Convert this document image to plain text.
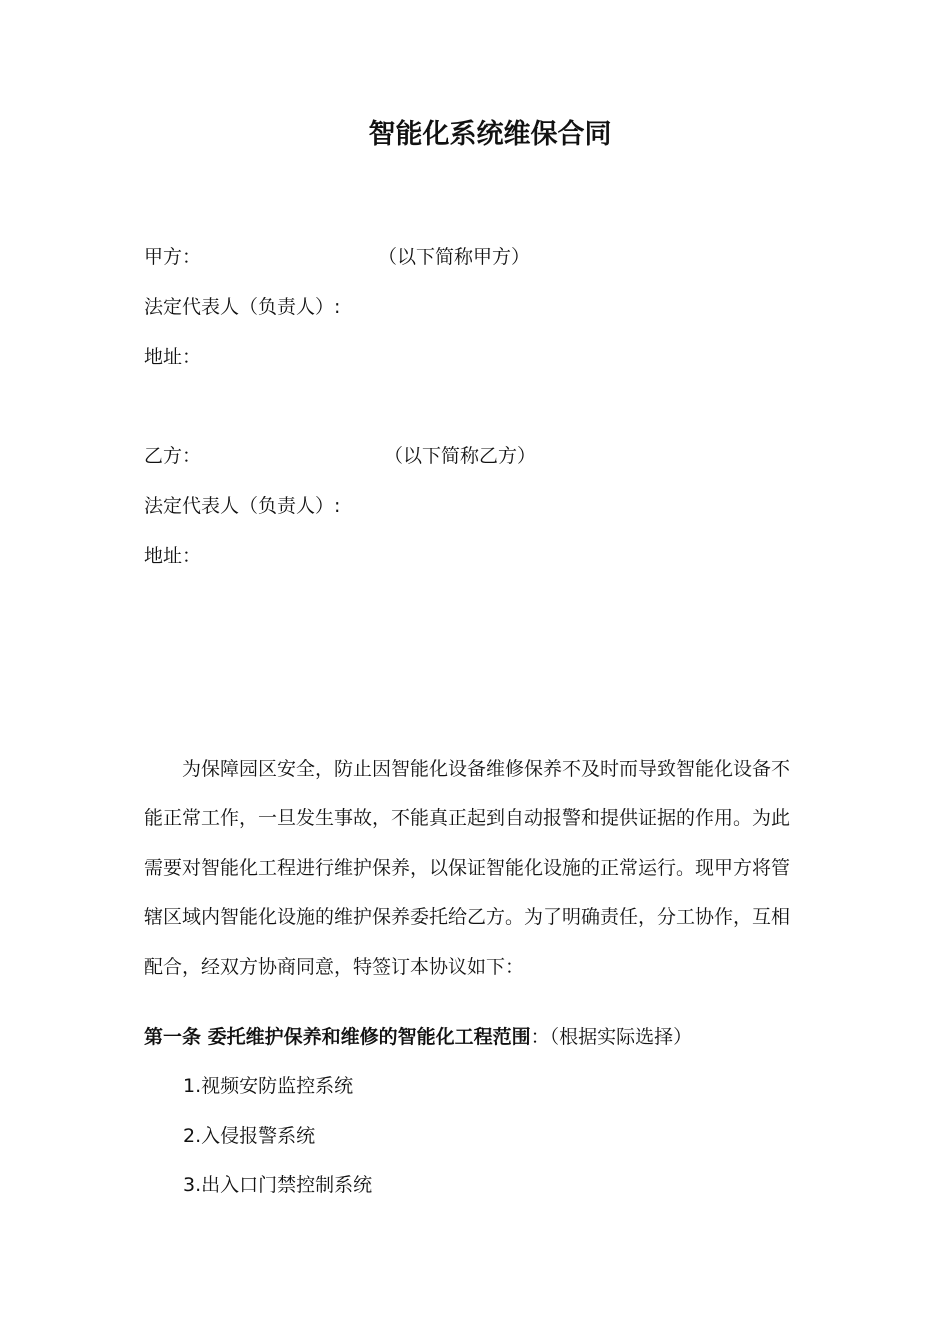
智能化系统维保合同
甲方：	（以下简称甲方）
法定代表人（负责人）:
地址：
乙方：	（以下简称乙方）
法定代表人（负责人）:
地址：
为保障园区安全，防止因智能化设备维修保养不及时而导致智能化设备不
能正常工作，一旦发生事故，不能真正起到自动报警和提供证据的作用。为此
需要对智能化工程进行维护保养，以保证智能化设施的正常运行。现甲方将管
辖区域内智能化设施的维护保养委托给乙方。为了明确责任，分工协作，互相
配合，经双方协商同意，特签订本协议如下：
第一条 委托维护保养和维修的智能化工程范围：（根据实际选择）
1.视频安防监控系统
2.入侵报警系统
3.出入口门禁控制系统
